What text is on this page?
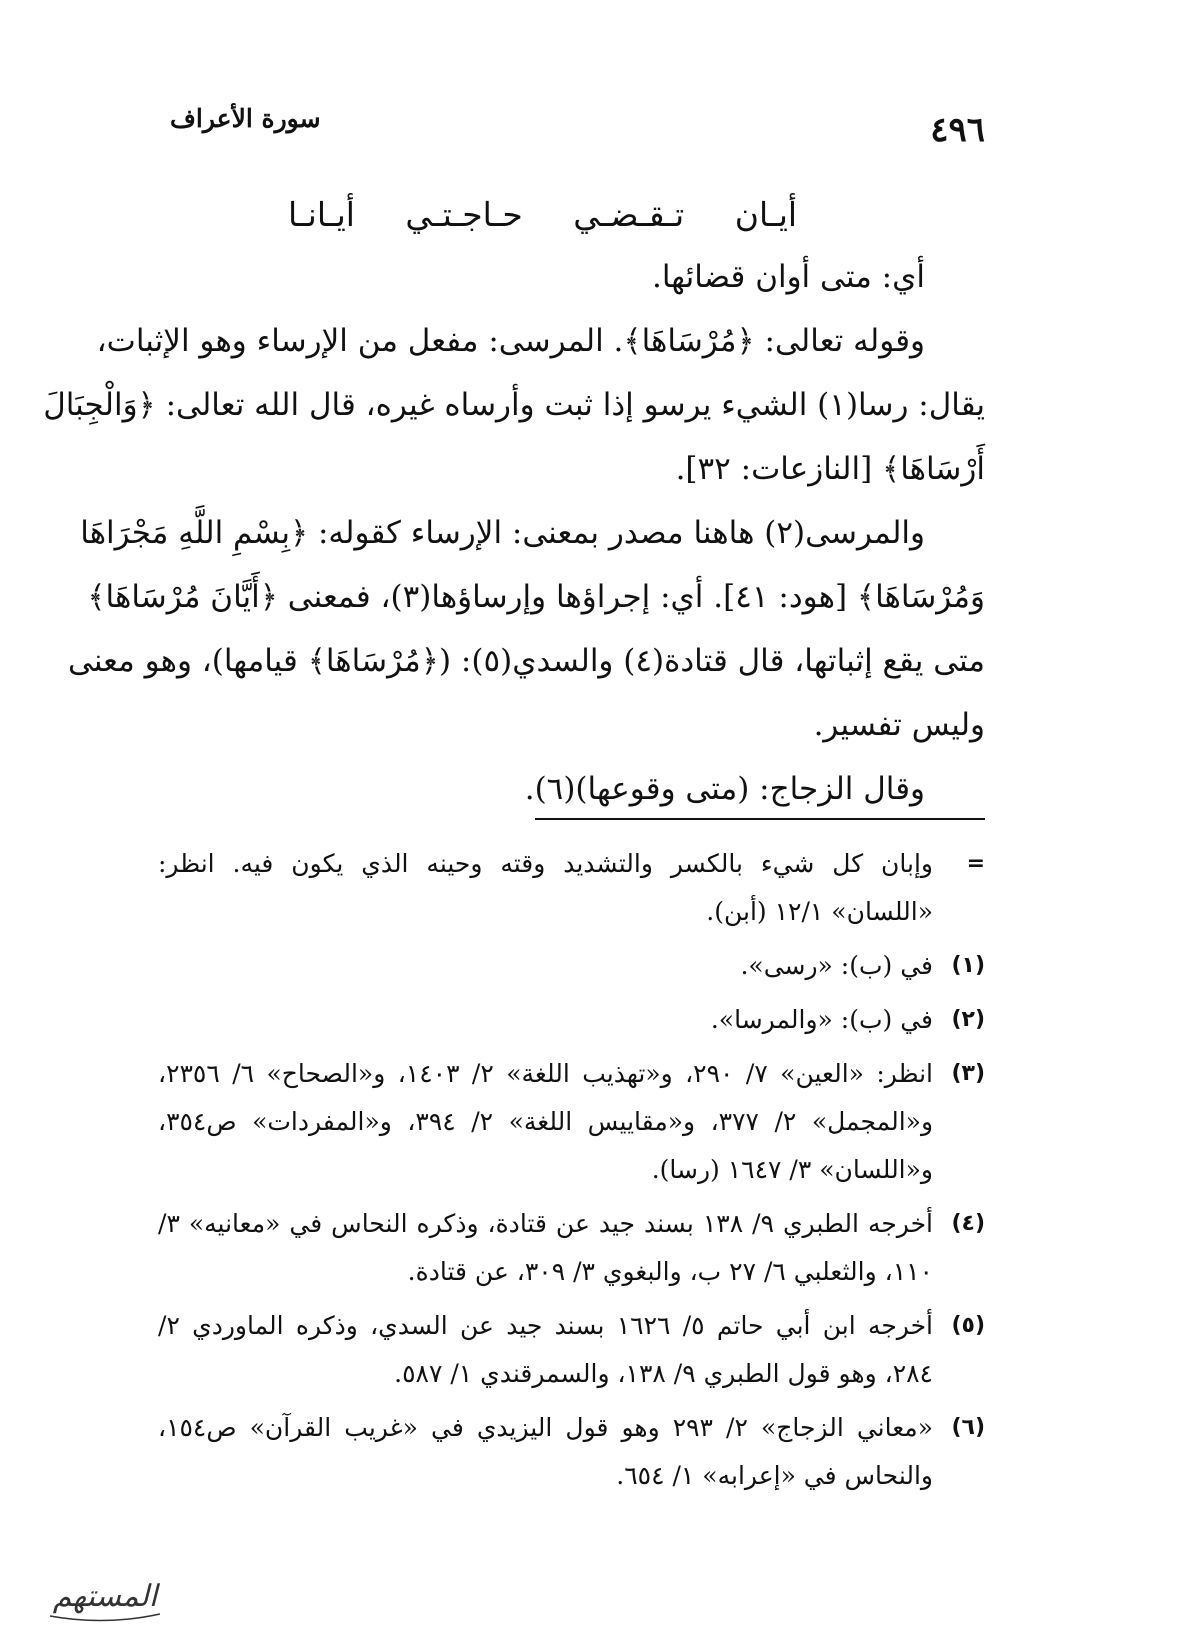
٤٩٦
سورة الأعراف
أيـان تـقـضـي حـاجـتـي أيـانـا
أي: متى أوان قضائها.
وقوله تعالى: ﴿مُرْسَاهَا﴾. المرسى: مفعل من الإرساء وهو الإثبات،
يقال: رسا(١) الشيء يرسو إذا ثبت وأرساه غيره، قال الله تعالى: ﴿وَالْجِبَالَ
أَرْسَاهَا﴾ [النازعات: ٣٢].
والمرسى(٢) هاهنا مصدر بمعنى: الإرساء كقوله: ﴿بِسْمِ اللَّهِ مَجْرَاهَا
وَمُرْسَاهَا﴾ [هود: ٤١]. أي: إجراؤها وإرساؤها(٣)، فمعنى ﴿أَيَّانَ مُرْسَاهَا﴾
متى يقع إثباتها، قال قتادة(٤) والسدي(٥): (﴿مُرْسَاهَا﴾ قيامها)، وهو معنى
وليس تفسير.
وقال الزجاج: (متى وقوعها)(٦).
=
وإبان كل شيء بالكسر والتشديد وقته وحينه الذي يكون فيه. انظر: «اللسان» ١٢/١ (أبن).
(١)
في (ب): «رسى».
(٢)
في (ب): «والمرسا».
(٣)
انظر: «العين» ٧/ ٢٩٠، و«تهذيب اللغة» ٢/ ١٤٠٣، و«الصحاح» ٦/ ٢٣٥٦، و«المجمل» ٢/ ٣٧٧، و«مقاييس اللغة» ٢/ ٣٩٤، و«المفردات» ص٣٥٤، و«اللسان» ٣/ ١٦٤٧ (رسا).
(٤)
أخرجه الطبري ٩/ ١٣٨ بسند جيد عن قتادة، وذكره النحاس في «معانيه» ٣/ ١١٠، والثعلبي ٦/ ٢٧ ب، والبغوي ٣/ ٣٠٩، عن قتادة.
(٥)
أخرجه ابن أبي حاتم ٥/ ١٦٢٦ بسند جيد عن السدي، وذكره الماوردي ٢/ ٢٨٤، وهو قول الطبري ٩/ ١٣٨، والسمرقندي ١/ ٥٨٧.
(٦)
«معاني الزجاج» ٢/ ٢٩٣ وهو قول اليزيدي في «غريب القرآن» ص١٥٤، والنحاس في «إعرابه» ١/ ٦٥٤.
المستهم
